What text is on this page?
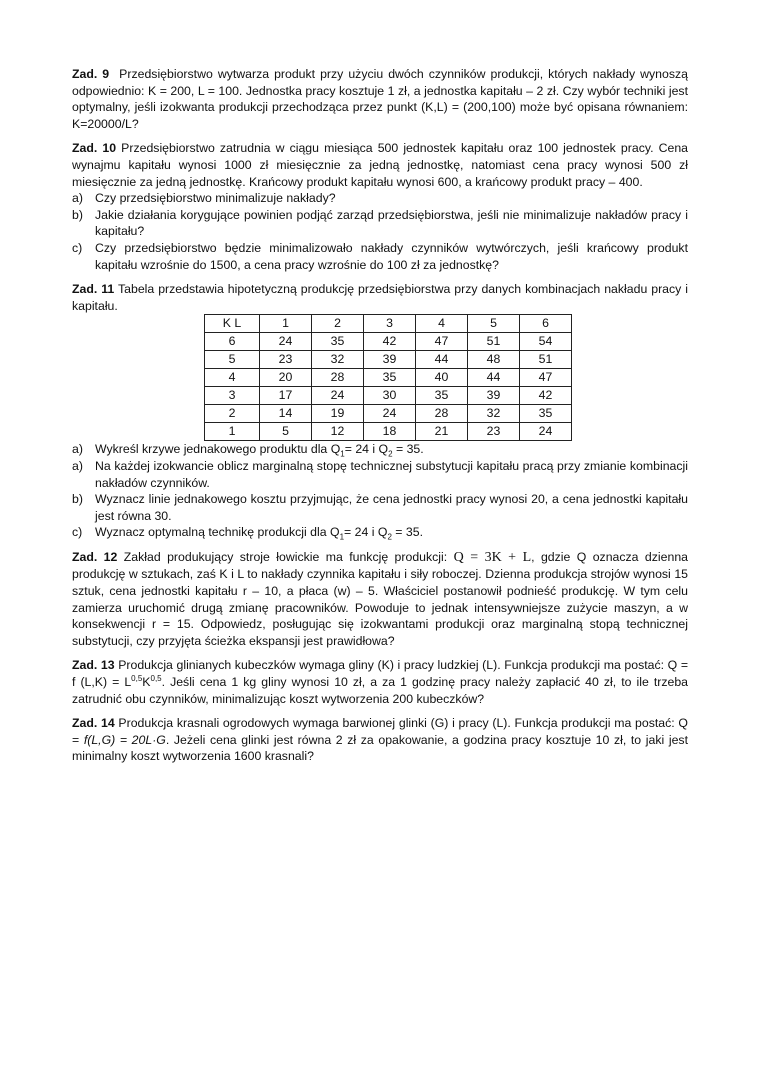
Zad. 9 Przedsiębiorstwo wytwarza produkt przy użyciu dwóch czynników produkcji, których nakłady wynoszą odpowiednio: K = 200, L = 100. Jednostka pracy kosztuje 1 zł, a jednostka kapitału – 2 zł. Czy wybór techniki jest optymalny, jeśli izokwanta produkcji przechodząca przez punkt (K,L) = (200,100) może być opisana równaniem: K=20000/L?

Zad. 10 Przedsiębiorstwo zatrudnia w ciągu miesiąca 500 jednostek kapitału oraz 100 jednostek pracy. Cena wynajmu kapitału wynosi 1000 zł miesięcznie za jedną jednostkę, natomiast cena pracy wynosi 500 zł miesięcznie za jedną jednostkę. Krańcowy produkt kapitału wynosi 600, a krańcowy produkt pracy – 400.

a) Czy przedsiębiorstwo minimalizuje nakłady?
b) Jakie działania korygujące powinien podjąć zarząd przedsiębiorstwa, jeśli nie minimalizuje nakładów pracy i kapitału?
c)	Czy przedsiębiorstwo będzie minimalizowało nakłady czynników wytwórczych, jeśli krańcowy produkt kapitału wzrośnie do 1500, a cena pracy wzrośnie do 100 zł za jednostkę?

Zad. 11 Tabela przedstawia hipotetyczną produkcję przedsiębiorstwa przy danych kombinacjach nakładu pracy i kapitału.

K L	1	2	3	4	5	6
6	24	35	42	47	51	54
5	23	32	39	44	48	51
4	20	28	35	40	44	47
3	17	24	30	35	39	42
2	14	19	24	28	32	35
1	5	12	18	21	23	24
a) Wykreśl krzywe jednakowego produktu dla $Q_1= 24$ i $Q_2 = 35$.
a) Na każdej izokwancie oblicz marginalną stopę technicznej substytucji kapitału pracą przy zmianie kombinacji nakładów czynników.
b) Wyznacz linie jednakowego kosztu przyjmując, że cena jednostki pracy wynosi 20, a cena jednostki kapitału jest równa 30.
c)	Wyznacz optymalną technikę produkcji dla $Q_1= 24$ i $Q_2 = 35$.

Zad. 12 Zakład produkujący stroje łowickie ma funkcję produkcji: Q = 3K + L, gdzie Q oznacza dzienna produkcję w sztukach, zaś K i L to nakłady czynnika kapitału i siły roboczej. Dzienna produkcja strojów wynosi 15 sztuk, cena jednostki kapitału r – 10, a płaca (w) – 5. Właściciel postanowił podnieść produkcję. W tym celu zamierza uruchomić drugą zmianę pracowników. Powoduje to jednak intensywniejsze zużycie maszyn, a w konsekwencji r = 15. Odpowiedz, posługując się izokwantami produkcji oraz marginalną stopą technicznej substytucji, czy przyjęta ścieżka ekspansji jest prawidłowa?

Zad. 13 Produkcja glinianych kubeczków wymaga gliny (K) i pracy ludzkiej (L). Funkcja produkcji ma postać: Q = f $(L,K) = L^{0,5}K^{0,5}$. Jeśli cena 1 kg gliny wynosi 10 zł, a za 1 godzinę pracy należy zapłacić 40 zł, to ile trzeba zatrudnić obu czynników, minimalizując koszt wytworzenia 200 kubeczków?

Zad. 14 Produkcja krasnali ogrodowych wymaga barwionej glinki (G) i pracy (L). Funkcja produkcji ma postać: Q = f(L,G) = 20L·G. Jeżeli cena glinki jest równa 2 zł za opakowanie, a godzina pracy kosztuje 10 zł, to jaki jest minimalny koszt wytworzenia 1600 krasnali?
